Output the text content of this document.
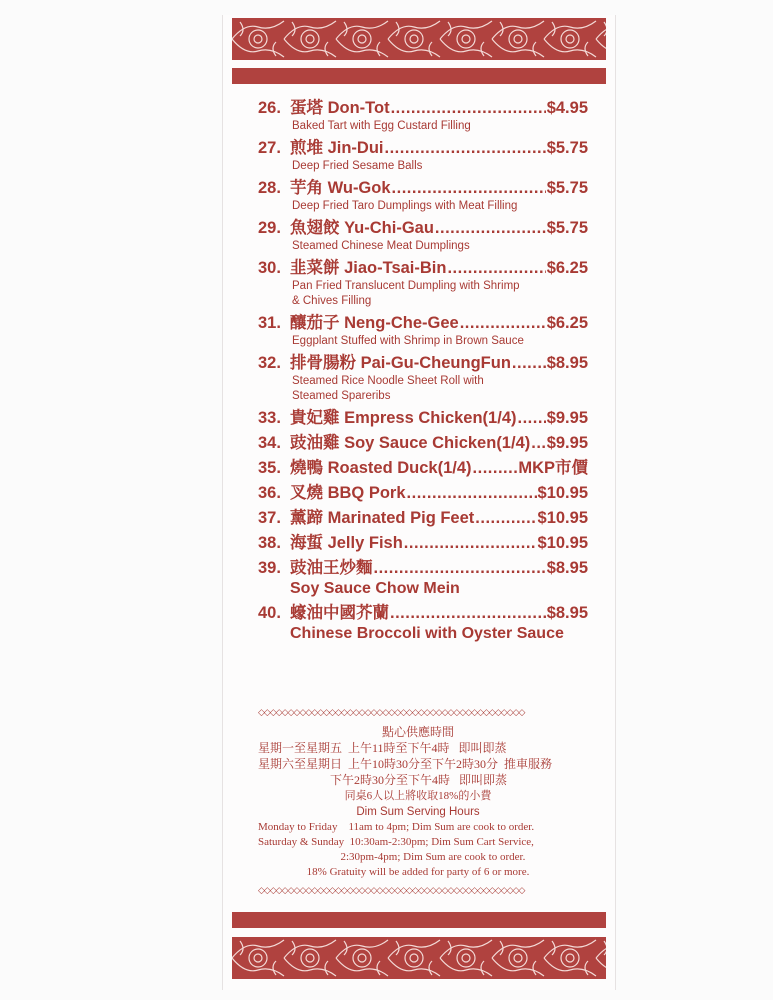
26. 蛋塔 Don-Tot .....	$4.95
Baked Tart with Egg Custard Filling
27. 煎堆 Jin-Dui .....	$5.75
Deep Fried Sesame Balls
28. 芋角 Wu-Gok .....	$5.75
Deep Fried Taro Dumplings with Meat Filling
29. 魚翅餃 Yu-Chi-Gau .....	$5.75
Steamed Chinese Meat Dumplings
30. 韭菜餅 Jiao-Tsai-Bin .....	$6.25
Pan Fried Translucent Dumpling with Shrimp
& Chives Filling
31. 釀茄子 Neng-Che-Gee .....	$6.25
Eggplant Stuffed with Shrimp in Brown Sauce
32. 排骨腸粉 Pai-Gu-CheungFun ..... $8.95
Steamed Rice Noodle Sheet Roll with
Steamed Spareribs
33. 貴妃雞 Empress Chicken(1/4) ..... $9.95
34. 豉油雞 Soy Sauce Chicken(1/4) ..... $9.95
35. 燒鴨 Roasted Duck(1/4) .....	MKP市價
36. 叉燒 BBQ Pork .....	$10.95
37. 薰蹄 Marinated Pig Feet .....	$10.95
38. 海蜇 Jelly Fish .....	$10.95
39. 豉油王炒麵 .....	$8.95
Soy Sauce Chow Mein
40. 蠔油中國芥蘭 .....	$8.95
Chinese Broccoli with Oyster Sauce
◇◇◇◇◇◇◇◇◇◇◇◇◇◇◇◇◇◇◇◇◇◇◇◇◇◇◇◇◇◇◇◇◇◇◇◇◇◇◇◇◇◇◇◇◇
點心供應時間
星期一至星期五  上午11時至下午4時   即叫即蒸
星期六至星期日  上午10時30分至下午2時30分  推車服務
下午2時30分至下午4時   即叫即蒸
同桌6人以上將收取18%的小費
Dim Sum Serving Hours
Monday to Friday    11am to 4pm; Dim Sum are cook to order.
Saturday & Sunday  10:30am-2:30pm; Dim Sum Cart Service,
2:30pm-4pm; Dim Sum are cook to order.
18% Gratuity will be added for party of 6 or more.
◇◇◇◇◇◇◇◇◇◇◇◇◇◇◇◇◇◇◇◇◇◇◇◇◇◇◇◇◇◇◇◇◇◇◇◇◇◇◇◇◇◇◇◇◇
